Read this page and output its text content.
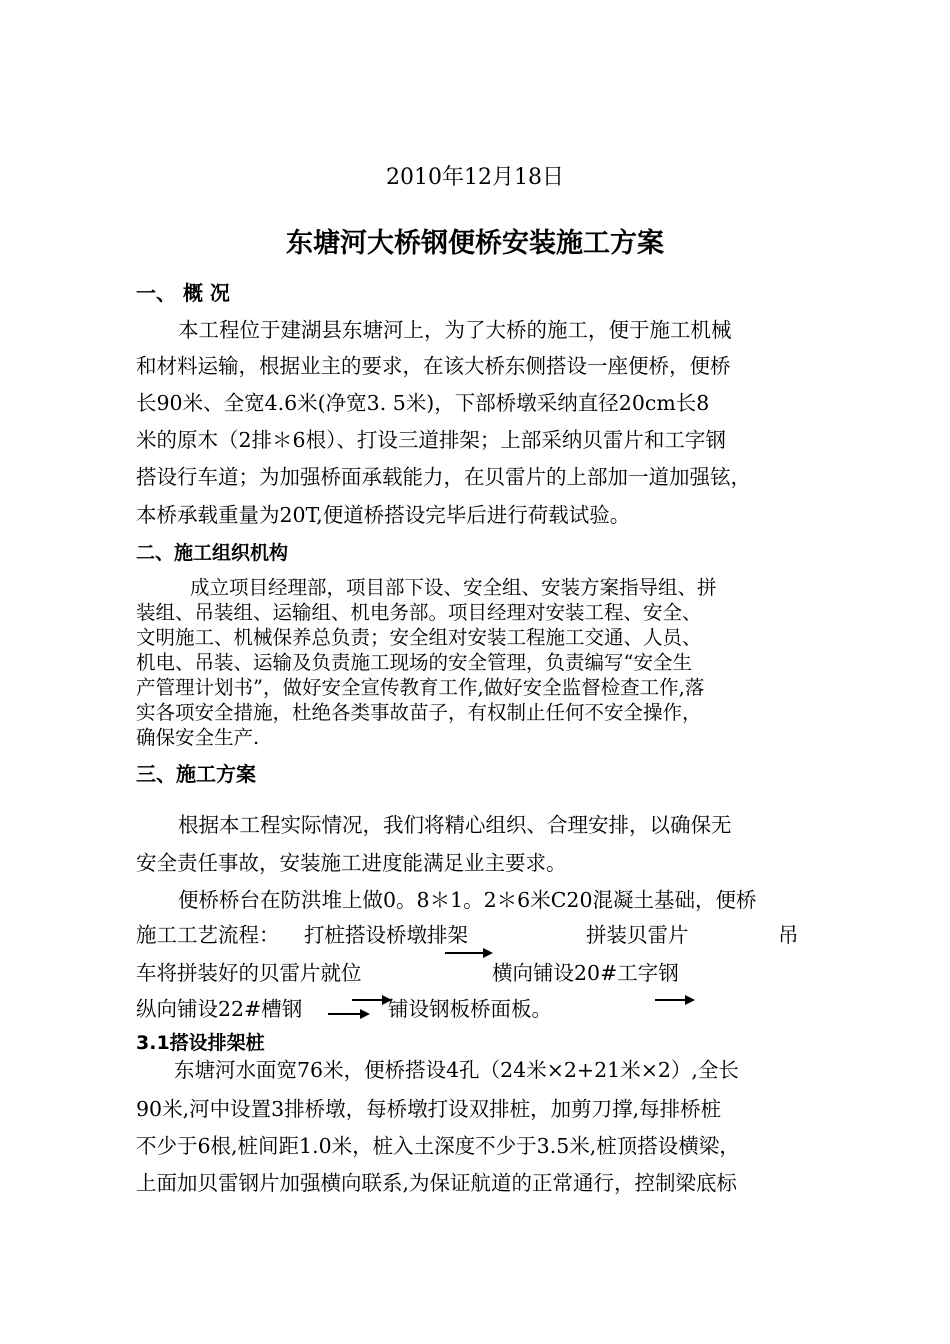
2010年12月18日
东塘河大桥钢便桥安装施工方案
一、 概 况
本工程位于建湖县东塘河上，为了大桥的施工，便于施工机械
和材料运输，根据业主的要求，在该大桥东侧搭设一座便桥，便桥
长90米、全宽4.6米(净宽3. 5米)，下部桥墩采纳直径20cm长8
米的原木（2排＊6根）、打设三道排架；上部采纳贝雷片和工字钢
搭设行车道；为加强桥面承载能力，在贝雷片的上部加一道加强铉，
本桥承载重量为20T,便道桥搭设完毕后进行荷载试验。
二、施工组织机构
成立项目经理部，项目部下设、安全组、安装方案指导组、拼
装组、吊装组、运输组、机电务部。项目经理对安装工程、安全、
文明施工、机械保养总负责；安全组对安装工程施工交通、人员、
机电、吊装、运输及负责施工现场的安全管理，负责编写“安全生
产管理计划书”，做好安全宣传教育工作,做好安全监督检查工作,落
实各项安全措施，杜绝各类事故苗子，有权制止任何不安全操作，
确保安全生产.
三、施工方案
根据本工程实际情况，我们将精心组织、合理安排，以确保无
安全责任事故，安装施工进度能满足业主要求。
便桥桥台在防洪堆上做0。8＊1。2＊6米C20混凝土基础，便桥
施工工艺流程： 打桩搭设桥墩排架	拼装贝雷片	吊
车将拼装好的贝雷片就位	横向铺设20#工字钢
纵向铺设22#槽钢	铺设钢板桥面板。
3.1搭设排架桩
东塘河水面宽76米，便桥搭设4孔（24米×2+21米×2）,全长
90米,河中设置3排桥墩，每桥墩打设双排桩，加剪刀撑,每排桥桩
不少于6根,桩间距1.0米，桩入土深度不少于3.5米,桩顶搭设横梁，
上面加贝雷钢片加强横向联系,为保证航道的正常通行，控制梁底标
